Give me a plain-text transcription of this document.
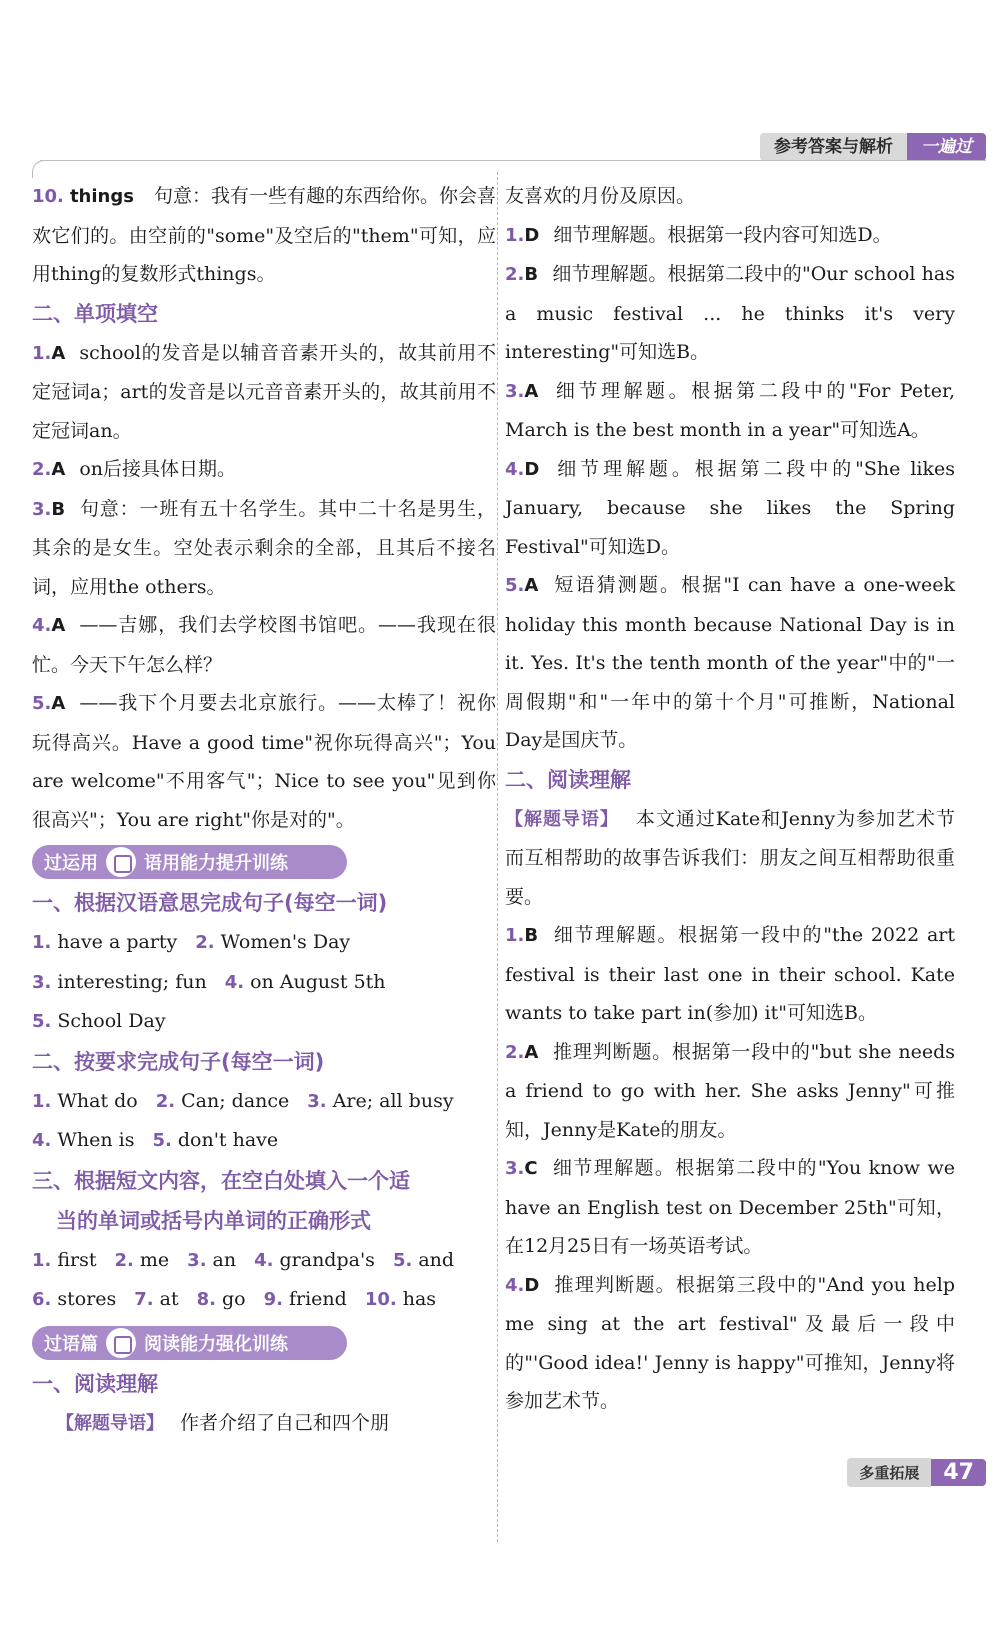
参考答案与解析	一遍过
10. things 句意：我有一些有趣的东西给你。你会喜欢它们的。由空前的"some"及空后的"them"可知，应用thing的复数形式things。
二、单项填空
1.A school的发音是以辅音音素开头的，故其前用不定冠词a；art的发音是以元音音素开头的，故其前用不定冠词an。
2.A on后接具体日期。
3.B 句意：一班有五十名学生。其中二十名是男生，其余的是女生。空处表示剩余的全部，且其后不接名词，应用the others。
4.A ——吉娜，我们去学校图书馆吧。——我现在很忙。今天下午怎么样？
5.A ——我下个月要去北京旅行。——太棒了！祝你玩得高兴。Have a good time"祝你玩得高兴"；You are welcome"不用客气"；Nice to see you"见到你很高兴"；You are right"你是对的"。
过运用	语用能力提升训练
一、根据汉语意思完成句子(每空一词)
1. have a party 2. Women's Day
3. interesting; fun 4. on August 5th
5. School Day
二、按要求完成句子(每空一词)
1. What do 2. Can; dance 3. Are; all busy
4. When is 5. don't have
三、根据短文内容，在空白处填入一个适
当的单词或括号内单词的正确形式
1. first 2. me 3. an 4. grandpa's 5. and
6. stores 7. at 8. go 9. friend 10. has
过语篇	阅读能力强化训练
一、阅读理解
【解题导语】 作者介绍了自己和四个朋
友喜欢的月份及原因。
1.D 细节理解题。根据第一段内容可知选D。
2.B 细节理解题。根据第二段中的"Our school has a music festival ... he thinks it's very interesting"可知选B。
3.A 细节理解题。根据第二段中的"For Peter, March is the best month in a year"可知选A。
4.D 细节理解题。根据第二段中的"She likes January, because she likes the Spring Festival"可知选D。
5.A 短语猜测题。根据"I can have a one-week holiday this month because National Day is in it. Yes. It's the tenth month of the year"中的"一周假期"和"一年中的第十个月"可推断，National Day是国庆节。
二、阅读理解
【解题导语】 本文通过Kate和Jenny为参加艺术节而互相帮助的故事告诉我们：朋友之间互相帮助很重要。
1.B 细节理解题。根据第一段中的"the 2022 art festival is their last one in their school. Kate wants to take part in(参加) it"可知选B。
2.A 推理判断题。根据第一段中的"but she needs a friend to go with her. She asks Jenny"可推知，Jenny是Kate的朋友。
3.C 细节理解题。根据第二段中的"You know we have an English test on December 25th"可知，在12月25日有一场英语考试。
4.D 推理判断题。根据第三段中的"And you help me sing at the art festival"及最后一段中的"'Good idea!' Jenny is happy"可推知，Jenny将参加艺术节。
多重拓展	47
